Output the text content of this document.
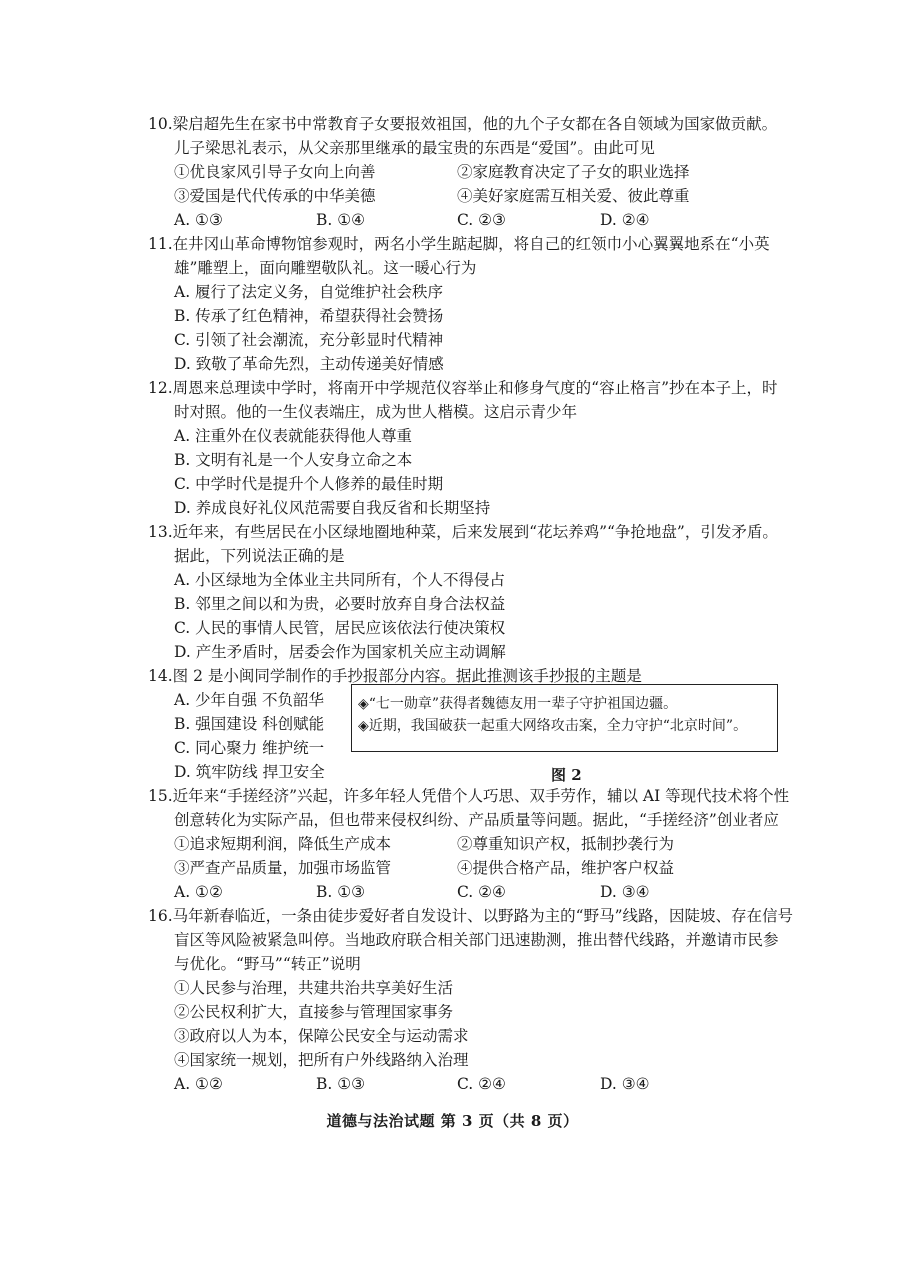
10.梁启超先生在家书中常教育子女要报效祖国，他的九个子女都在各自领域为国家做贡献。
儿子梁思礼表示，从父亲那里继承的最宝贵的东西是“爱国”。由此可见
①优良家风引导子女向上向善	②家庭教育决定了子女的职业选择
③爱国是代代传承的中华美德	④美好家庭需互相关爱、彼此尊重
A. ①③	B. ①④	C. ②③	D. ②④
11.在井冈山革命博物馆参观时，两名小学生踮起脚，将自己的红领巾小心翼翼地系在“小英
雄”雕塑上，面向雕塑敬队礼。这一暖心行为
A. 履行了法定义务，自觉维护社会秩序
B. 传承了红色精神，希望获得社会赞扬
C. 引领了社会潮流，充分彰显时代精神
D. 致敬了革命先烈，主动传递美好情感
12.周恩来总理读中学时，将南开中学规范仪容举止和修身气度的“容止格言”抄在本子上，时
时对照。他的一生仪表端庄，成为世人楷模。这启示青少年
A. 注重外在仪表就能获得他人尊重
B. 文明有礼是一个人安身立命之本
C. 中学时代是提升个人修养的最佳时期
D. 养成良好礼仪风范需要自我反省和长期坚持
13.近年来，有些居民在小区绿地圈地种菜，后来发展到“花坛养鸡”“争抢地盘”，引发矛盾。
据此，下列说法正确的是
A. 小区绿地为全体业主共同所有，个人不得侵占
B. 邻里之间以和为贵，必要时放弃自身合法权益
C. 人民的事情人民管，居民应该依法行使决策权
D. 产生矛盾时，居委会作为国家机关应主动调解
14.图 2 是小闽同学制作的手抄报部分内容。据此推测该手抄报的主题是
A. 少年自强 不负韶华
B. 强国建设 科创赋能
C. 同心聚力 维护统一
D. 筑牢防线 捍卫安全
◈“七一勋章”获得者魏德友用一辈子守护祖国边疆。
◈近期，我国破获一起重大网络攻击案，全力守护“北京时间”。
图 2
15.近年来“手搓经济”兴起，许多年轻人凭借个人巧思、双手劳作，辅以 AI 等现代技术将个性
创意转化为实际产品，但也带来侵权纠纷、产品质量等问题。据此，“手搓经济”创业者应
①追求短期利润，降低生产成本	②尊重知识产权，抵制抄袭行为
③严查产品质量，加强市场监管	④提供合格产品，维护客户权益
A. ①②	B. ①③	C. ②④	D. ③④
16.马年新春临近，一条由徒步爱好者自发设计、以野路为主的“野马”线路，因陡坡、存在信号
盲区等风险被紧急叫停。当地政府联合相关部门迅速勘测，推出替代线路，并邀请市民参
与优化。“野马”“转正”说明
①人民参与治理，共建共治共享美好生活
②公民权利扩大，直接参与管理国家事务
③政府以人为本，保障公民安全与运动需求
④国家统一规划，把所有户外线路纳入治理
A. ①②	B. ①③	C. ②④	D. ③④
道德与法治试题 第 3 页（共 8 页）
